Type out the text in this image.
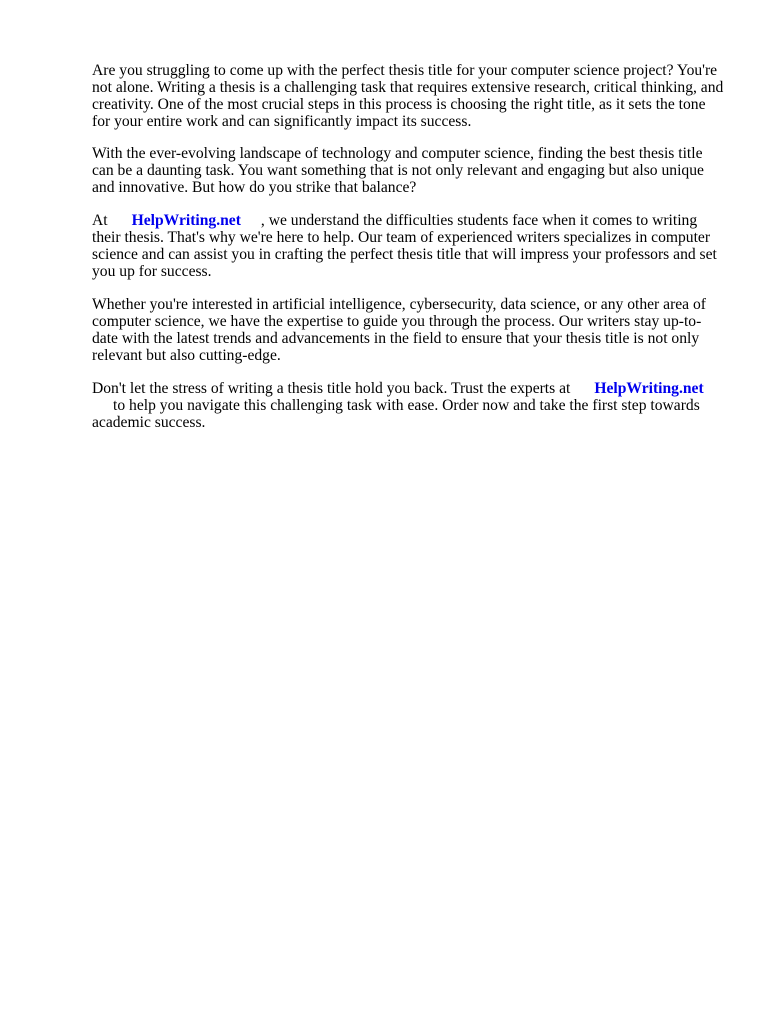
Are you struggling to come up with the perfect thesis title for your computer science project? You're
not alone. Writing a thesis is a challenging task that requires extensive research, critical thinking, and
creativity. One of the most crucial steps in this process is choosing the right title, as it sets the tone
for your entire work and can significantly impact its success.

With the ever-evolving landscape of technology and computer science, finding the best thesis title
can be a daunting task. You want something that is not only relevant and engaging but also unique
and innovative. But how do you strike that balance?

At HelpWriting.net , we understand the difficulties students face when it comes to writing
their thesis. That's why we're here to help. Our team of experienced writers specializes in computer
science and can assist you in crafting the perfect thesis title that will impress your professors and set
you up for success.

Whether you're interested in artificial intelligence, cybersecurity, data science, or any other area of
computer science, we have the expertise to guide you through the process. Our writers stay up-to-
date with the latest trends and advancements in the field to ensure that your thesis title is not only
relevant but also cutting-edge.

Don't let the stress of writing a thesis title hold you back. Trust the experts at HelpWriting.net
to help you navigate this challenging task with ease. Order now and take the first step towards
academic success.
